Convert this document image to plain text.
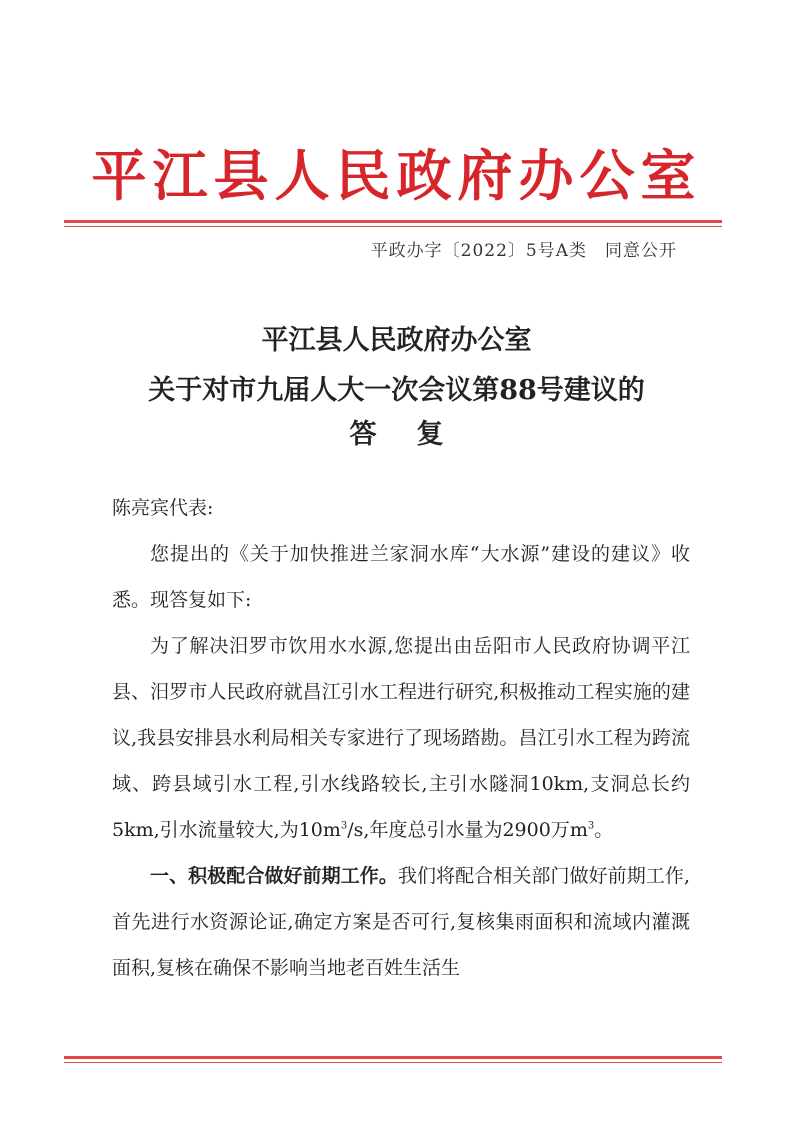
平江县人民政府办公室
平政办字〔2022〕5号A类　同意公开
平江县人民政府办公室
关于对市九届人大一次会议第88号建议的
答复
陈亮宾代表:

您提出的《关于加快推进兰家洞水库“大水源”建设的建议》收悉。现答复如下:

为了解决汨罗市饮用水水源,您提出由岳阳市人民政府协调平江县、汨罗市人民政府就昌江引水工程进行研究,积极推动工程实施的建议,我县安排县水利局相关专家进行了现场踏勘。昌江引水工程为跨流域、跨县域引水工程,引水线路较长,主引水隧洞10km,支洞总长约5km,引水流量较大,为$10m^3/s$,年度总引水量为2900万$m^3$。

一、积极配合做好前期工作。我们将配合相关部门做好前期工作,首先进行水资源论证,确定方案是否可行,复核集雨面积和流域内灌溉面积,复核在确保不影响当地老百姓生活生
